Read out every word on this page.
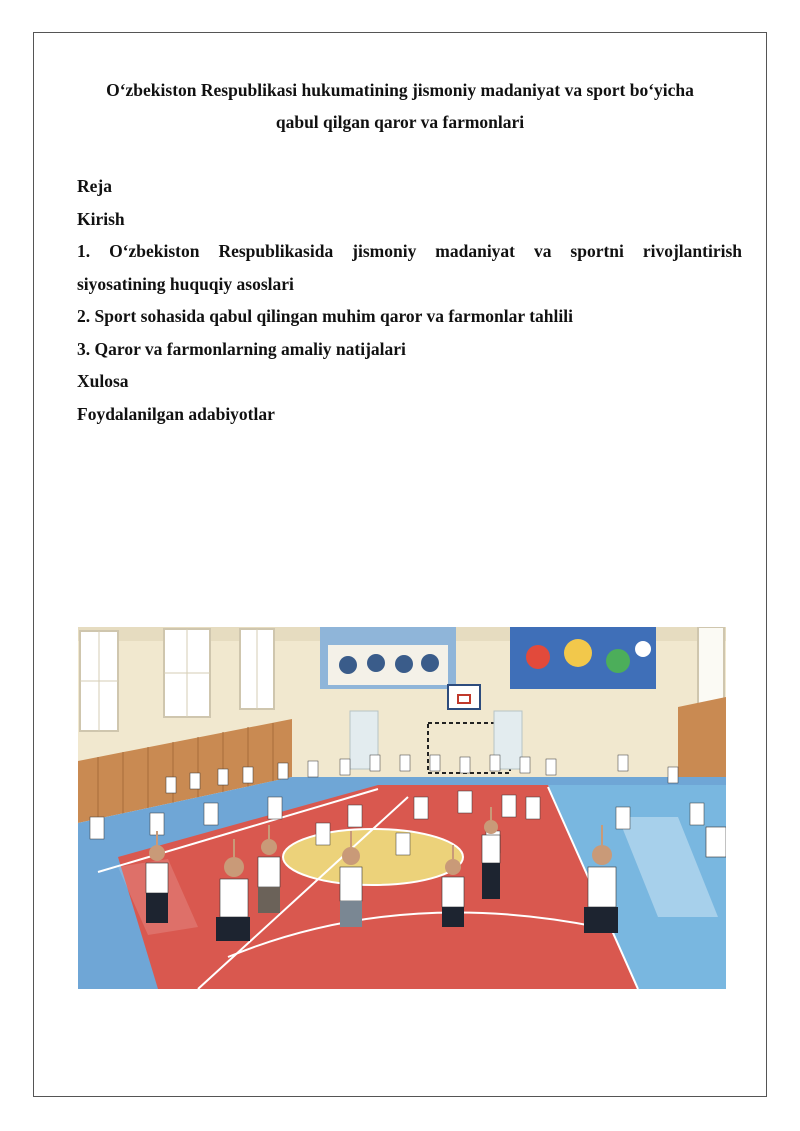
O‘zbekiston Respublikasi hukumatining jismoniy madaniyat va sport bo‘yicha
qabul qilgan qaror va farmonlari
Reja
Kirish
1. O‘zbekiston Respublikasida jismoniy madaniyat va sportni rivojlantirish
siyosatining huquqiy asoslari
2. Sport sohasida qabul qilingan muhim qaror va farmonlar tahlili
3. Qaror va farmonlarning amaliy natijalari
Xulosa
Foydalanilgan adabiyotlar
